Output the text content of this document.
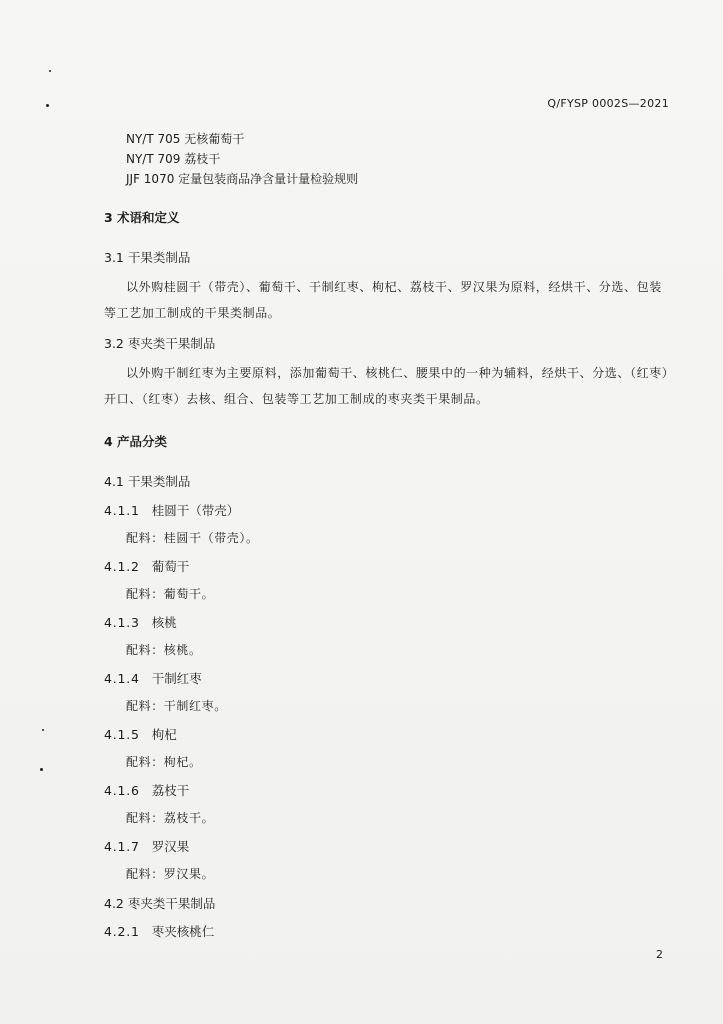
Q/FYSP 0002S—2021
NY/T 705 无核葡萄干
NY/T 709 荔枝干
JJF 1070 定量包装商品净含量计量检验规则
3 术语和定义
3.1 干果类制品
以外购桂圆干（带壳）、葡萄干、干制红枣、枸杞、荔枝干、罗汉果为原料，经烘干、分选、包装
等工艺加工制成的干果类制品。
3.2 枣夹类干果制品
以外购干制红枣为主要原料，添加葡萄干、核桃仁、腰果中的一种为辅料，经烘干、分选、（红枣）
开口、（红枣）去核、组合、包装等工艺加工制成的枣夹类干果制品。
4 产品分类
4.1 干果类制品
4.1.1 桂圆干（带壳）
配料：桂圆干（带壳）。
4.1.2 葡萄干
配料：葡萄干。
4.1.3 核桃
配料：核桃。
4.1.4 干制红枣
配料：干制红枣。
4.1.5 枸杞
配料：枸杞。
4.1.6 荔枝干
配料：荔枝干。
4.1.7 罗汉果
配料：罗汉果。
4.2 枣夹类干果制品
4.2.1 枣夹核桃仁
2
